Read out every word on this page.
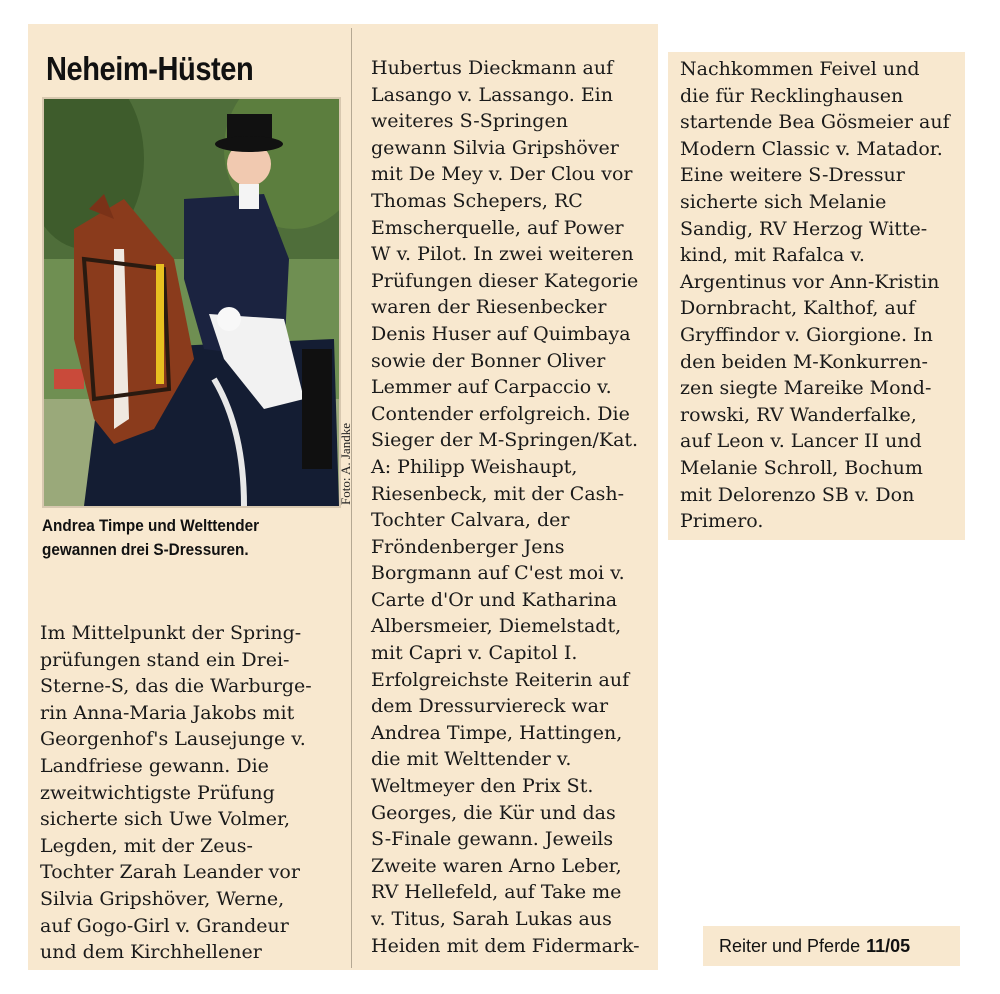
Neheim-Hüsten
Foto: A. Jandke
Andrea Timpe und Welttender
gewannen drei S-Dressuren.
Im Mittelpunkt der Spring-
prüfungen stand ein Drei-
Sterne-S, das die Warburge-
rin Anna-Maria Jakobs mit
Georgenhof's Lausejunge v.
Landfriese gewann. Die
zweitwichtigste Prüfung
sicherte sich Uwe Volmer,
Legden, mit der Zeus-
Tochter Zarah Leander vor
Silvia Gripshöver, Werne,
auf Gogo-Girl v. Grandeur
und dem Kirchhellener
Hubertus Dieckmann auf
Lasango v. Lassango. Ein
weiteres S-Springen
gewann Silvia Gripshöver
mit De Mey v. Der Clou vor
Thomas Schepers, RC
Emscherquelle, auf Power
W v. Pilot. In zwei weiteren
Prüfungen dieser Kategorie
waren der Riesenbecker
Denis Huser auf Quimbaya
sowie der Bonner Oliver
Lemmer auf Carpaccio v.
Contender erfolgreich. Die
Sieger der M-Springen/Kat.
A: Philipp Weishaupt,
Riesenbeck, mit der Cash-
Tochter Calvara, der
Fröndenberger Jens
Borgmann auf C'est moi v.
Carte d'Or und Katharina
Albersmeier, Diemelstadt,
mit Capri v. Capitol I.
Erfolgreichste Reiterin auf
dem Dressurviereck war
Andrea Timpe, Hattingen,
die mit Welttender v.
Weltmeyer den Prix St.
Georges, die Kür und das
S-Finale gewann. Jeweils
Zweite waren Arno Leber,
RV Hellefeld, auf Take me
v. Titus, Sarah Lukas aus
Heiden mit dem Fidermark-
Nachkommen Feivel und
die für Recklinghausen
startende Bea Gösmeier auf
Modern Classic v. Matador.
Eine weitere S-Dressur
sicherte sich Melanie
Sandig, RV Herzog Witte-
kind, mit Rafalca v.
Argentinus vor Ann-Kristin
Dornbracht, Kalthof, auf
Gryffindor v. Giorgione. In
den beiden M-Konkurren-
zen siegte Mareike Mond-
rowski, RV Wanderfalke,
auf Leon v. Lancer II und
Melanie Schroll, Bochum
mit Delorenzo SB v. Don
Primero.
Reiter und Pferde 11/05
